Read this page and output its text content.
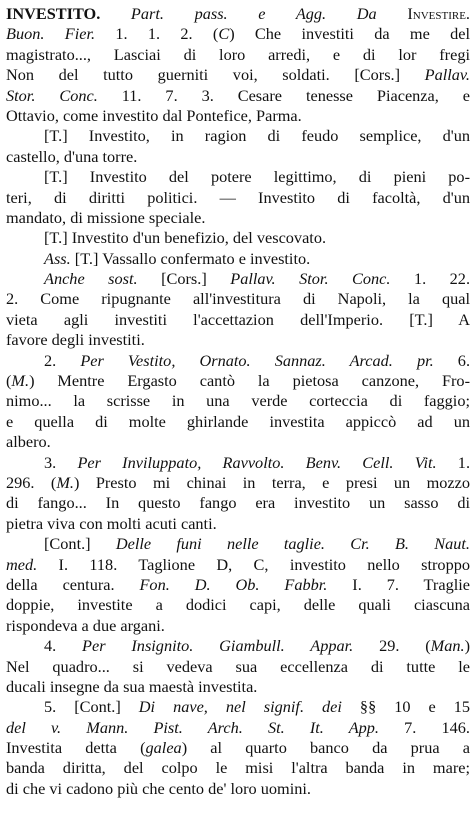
INVESTITO. Part. pass. e Agg. Da Investire.
Buon. Fier. 1. 1. 2. (C) Che investiti da me del
magistrato..., Lasciai di loro arredi, e di lor fregi
Non del tutto guerniti voi, soldati. [Cors.] Pallav.
Stor. Conc. 11. 7. 3. Cesare tenesse Piacenza, e
Ottavio, come investito dal Pontefice, Parma.
[T.] Investito, in ragion di feudo semplice, d'un
castello, d'una torre.
[T.] Investito del potere legittimo, di pieni po-
teri, di diritti politici. — Investito di facoltà, d'un
mandato, di missione speciale.
[T.] Investito d'un benefizio, del vescovato.
Ass. [T.] Vassallo confermato e investito.
Anche sost. [Cors.] Pallav. Stor. Conc. 1. 22.
2. Come ripugnante all'investitura di Napoli, la qual
vieta agli investiti l'accettazion dell'Imperio. [T.] A
favore degli investiti.
2. Per Vestito, Ornato. Sannaz. Arcad. pr. 6.
(M.) Mentre Ergasto cantò la pietosa canzone, Fro-
nimo... la scrisse in una verde corteccia di faggio;
e quella di molte ghirlande investita appiccò ad un
albero.
3. Per Inviluppato, Ravvolto. Benv. Cell. Vit. 1.
296. (M.) Presto mi chinai in terra, e presi un mozzo
di fango... In questo fango era investito un sasso di
pietra viva con molti acuti canti.
[Cont.] Delle funi nelle taglie. Cr. B. Naut.
med. I. 118. Taglione D, C, investito nello stroppo
della centura. Fon. D. Ob. Fabbr. I. 7. Traglie
doppie, investite a dodici capi, delle quali ciascuna
rispondeva a due argani.
4. Per Insignito. Giambull. Appar. 29. (Man.)
Nel quadro... si vedeva sua eccellenza di tutte le
ducali insegne da sua maestà investita.
5. [Cont.] Di nave, nel signif. dei §§ 10 e 15
del v. Mann. Pist. Arch. St. It. App. 7. 146.
Investita detta (galea) al quarto banco da prua a
banda diritta, del colpo le misi l'altra banda in mare;
di che vi cadono più che cento de' loro uomini.
